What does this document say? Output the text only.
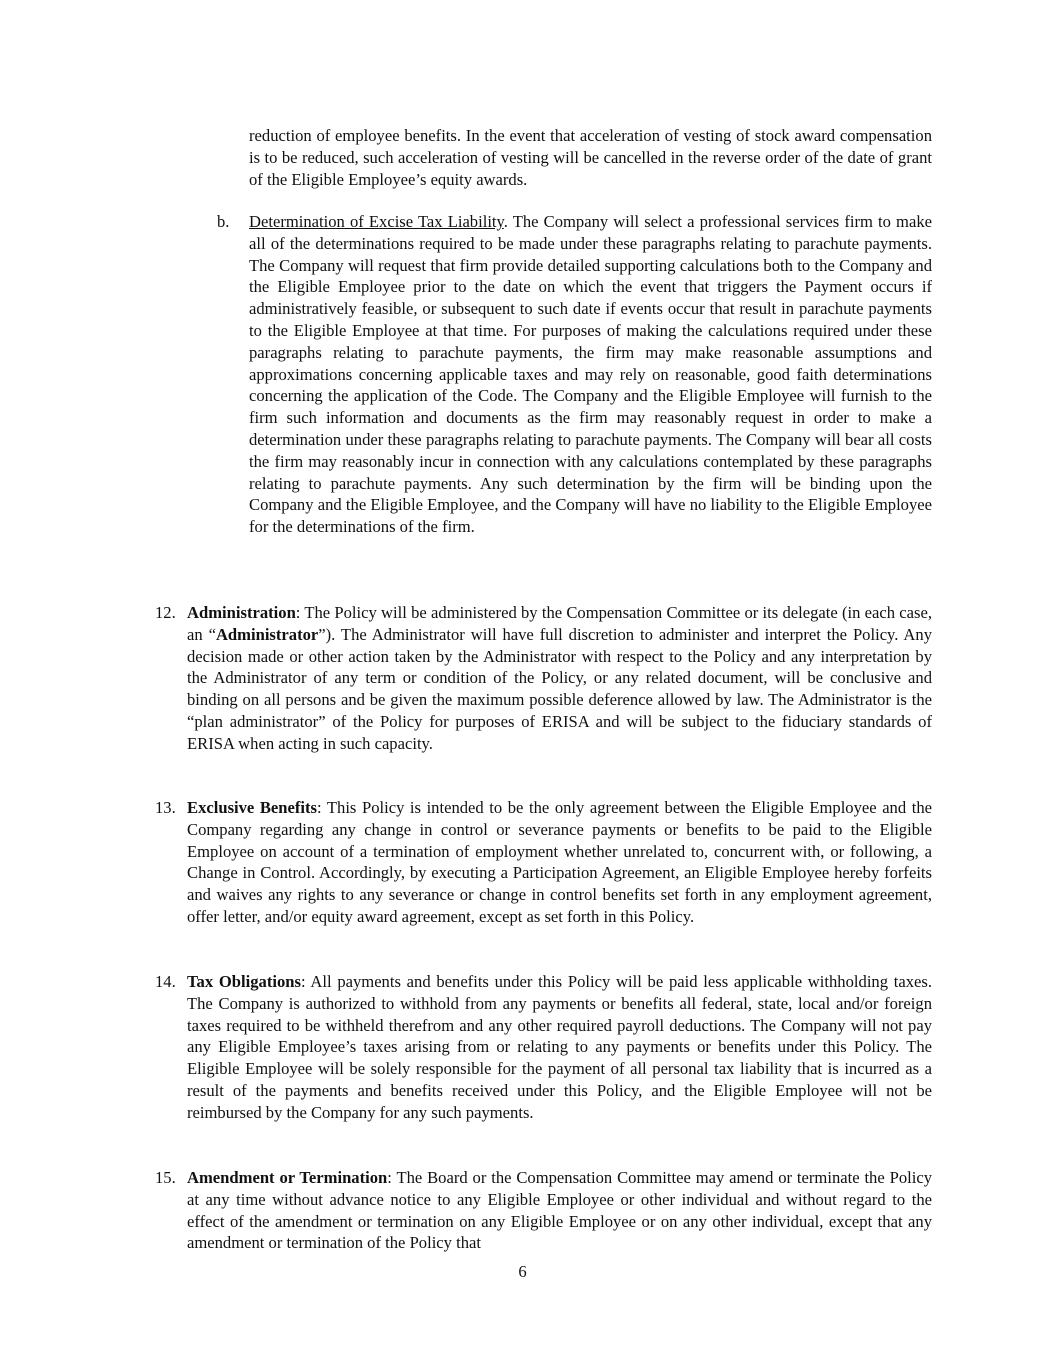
reduction of employee benefits. In the event that acceleration of vesting of stock award compensation is to be reduced, such acceleration of vesting will be cancelled in the reverse order of the date of grant of the Eligible Employee’s equity awards.

b. Determination of Excise Tax Liability. The Company will select a professional services firm to make all of the determinations required to be made under these paragraphs relating to parachute payments. The Company will request that firm provide detailed supporting calculations both to the Company and the Eligible Employee prior to the date on which the event that triggers the Payment occurs if administratively feasible, or subsequent to such date if events occur that result in parachute payments to the Eligible Employee at that time. For purposes of making the calculations required under these paragraphs relating to parachute payments, the firm may make reasonable assumptions and approximations concerning applicable taxes and may rely on reasonable, good faith determinations concerning the application of the Code. The Company and the Eligible Employee will furnish to the firm such information and documents as the firm may reasonably request in order to make a determination under these paragraphs relating to parachute payments. The Company will bear all costs the firm may reasonably incur in connection with any calculations contemplated by these paragraphs relating to parachute payments. Any such determination by the firm will be binding upon the Company and the Eligible Employee, and the Company will have no liability to the Eligible Employee for the determinations of the firm.

12. Administration: The Policy will be administered by the Compensation Committee or its delegate (in each case, an “Administrator”). The Administrator will have full discretion to administer and interpret the Policy. Any decision made or other action taken by the Administrator with respect to the Policy and any interpretation by the Administrator of any term or condition of the Policy, or any related document, will be conclusive and binding on all persons and be given the maximum possible deference allowed by law. The Administrator is the “plan administrator” of the Policy for purposes of ERISA and will be subject to the fiduciary standards of ERISA when acting in such capacity.

13. Exclusive Benefits: This Policy is intended to be the only agreement between the Eligible Employee and the Company regarding any change in control or severance payments or benefits to be paid to the Eligible Employee on account of a termination of employment whether unrelated to, concurrent with, or following, a Change in Control. Accordingly, by executing a Participation Agreement, an Eligible Employee hereby forfeits and waives any rights to any severance or change in control benefits set forth in any employment agreement, offer letter, and/or equity award agreement, except as set forth in this Policy.

14. Tax Obligations: All payments and benefits under this Policy will be paid less applicable withholding taxes. The Company is authorized to withhold from any payments or benefits all federal, state, local and/or foreign taxes required to be withheld therefrom and any other required payroll deductions. The Company will not pay any Eligible Employee’s taxes arising from or relating to any payments or benefits under this Policy. The Eligible Employee will be solely responsible for the payment of all personal tax liability that is incurred as a result of the payments and benefits received under this Policy, and the Eligible Employee will not be reimbursed by the Company for any such payments.

15. Amendment or Termination: The Board or the Compensation Committee may amend or terminate the Policy at any time without advance notice to any Eligible Employee or other individual and without regard to the effect of the amendment or termination on any Eligible Employee or on any other individual, except that any amendment or termination of the Policy that

6
